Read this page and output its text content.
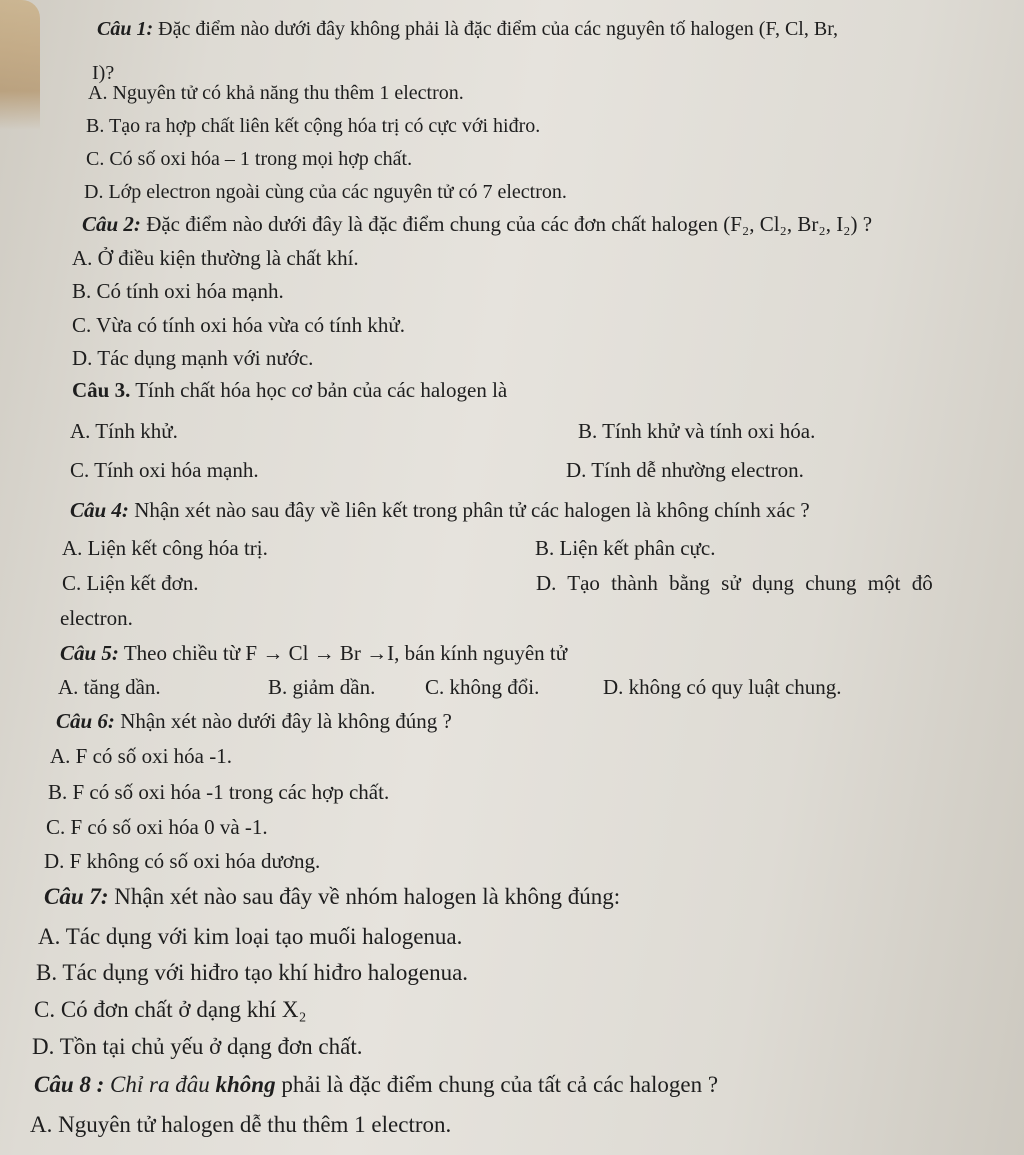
Câu 1: Đặc điểm nào dưới đây không phải là đặc điểm của các nguyên tố halogen (F, Cl, Br,
I)?
A. Nguyên tử có khả năng thu thêm 1 electron.
B. Tạo ra hợp chất liên kết cộng hóa trị có cực với hiđro.
C. Có số oxi hóa – 1 trong mọi hợp chất.
D. Lớp electron ngoài cùng của các nguyên tử có 7 electron.
Câu 2: Đặc điểm nào dưới đây là đặc điểm chung của các đơn chất halogen (F₂, Cl₂, Br₂, I₂) ?
A. Ở điều kiện thường là chất khí.
B. Có tính oxi hóa mạnh.
C. Vừa có tính oxi hóa vừa có tính khử.
D. Tác dụng mạnh với nước.
Câu 3. Tính chất hóa học cơ bản của các halogen là
A. Tính khử.	B. Tính khử và tính oxi hóa.
C. Tính oxi hóa mạnh.	D. Tính dễ nhường electron.
Câu 4: Nhận xét nào sau đây về liên kết trong phân tử các halogen là không chính xác ?
A. Liện kết công hóa trị.	B. Liện kết phân cực.
C. Liện kết đơn.	D. Tạo thành bằng sử dụng chung một đô
electron.
Câu 5: Theo chiều từ F → Cl → Br →I, bán kính nguyên tử
A. tăng dần.	B. giảm dần. C. không đổi.	D. không có quy luật chung.
Câu 6: Nhận xét nào dưới đây là không đúng ?
A. F có số oxi hóa -1.
B. F có số oxi hóa -1 trong các hợp chất.
C. F có số oxi hóa 0 và -1.
D. F không có số oxi hóa dương.
Câu 7: Nhận xét nào sau đây về nhóm halogen là không đúng:
A. Tác dụng với kim loại tạo muối halogenua.
B. Tác dụng với hiđro tạo khí hiđro halogenua.
C. Có đơn chất ở dạng khí X₂
D. Tồn tại chủ yếu ở dạng đơn chất.
Câu 8 : Chỉ ra đâu không phải là đặc điểm chung của tất cả các halogen ?
A. Nguyên tử halogen dễ thu thêm 1 electron.
